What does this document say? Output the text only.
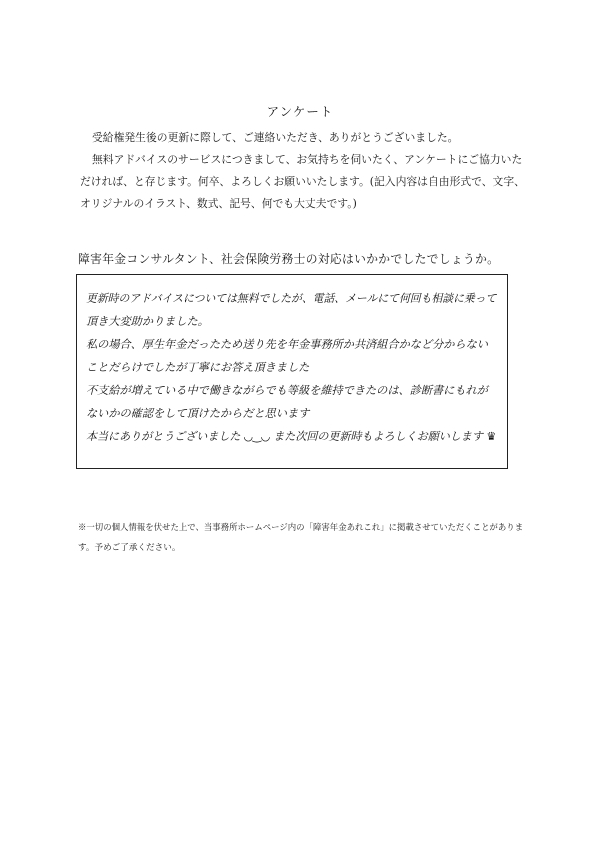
アンケート

受給権発生後の更新に際して、ご連絡いただき、ありがとうございました。

無料アドバイスのサービスにつきまして、お気持ちを伺いたく、アンケートにご協力いた

だければ、と存じます。何卒、よろしくお願いいたします。(記入内容は自由形式で、文字、

オリジナルのイラスト、数式、記号、何でも大丈夫です。)

障害年金コンサルタント、社会保険労務士の対応はいかかでしたでしょうか。
更新時のアドバイスについては無料でしたが、電話、メールにて何回も相談に乗って
頂き大変助かりました。
私の場合、厚生年金だったため送り先を年金事務所か共済組合かなど分からない
ことだらけでしたが丁寧にお答え頂きました
不支給が増えている中で働きながらでも等級を維持できたのは、診断書にもれが
ないかの確認をして頂けたからだと思います
本当にありがとうございました ◡‿◡ また次回の更新時もよろしくお願いします ♛

※一切の個人情報を伏せた上で、当事務所ホームページ内の「障害年金あれこれ」に掲載させていただくことがありま

す。予めご了承ください。
